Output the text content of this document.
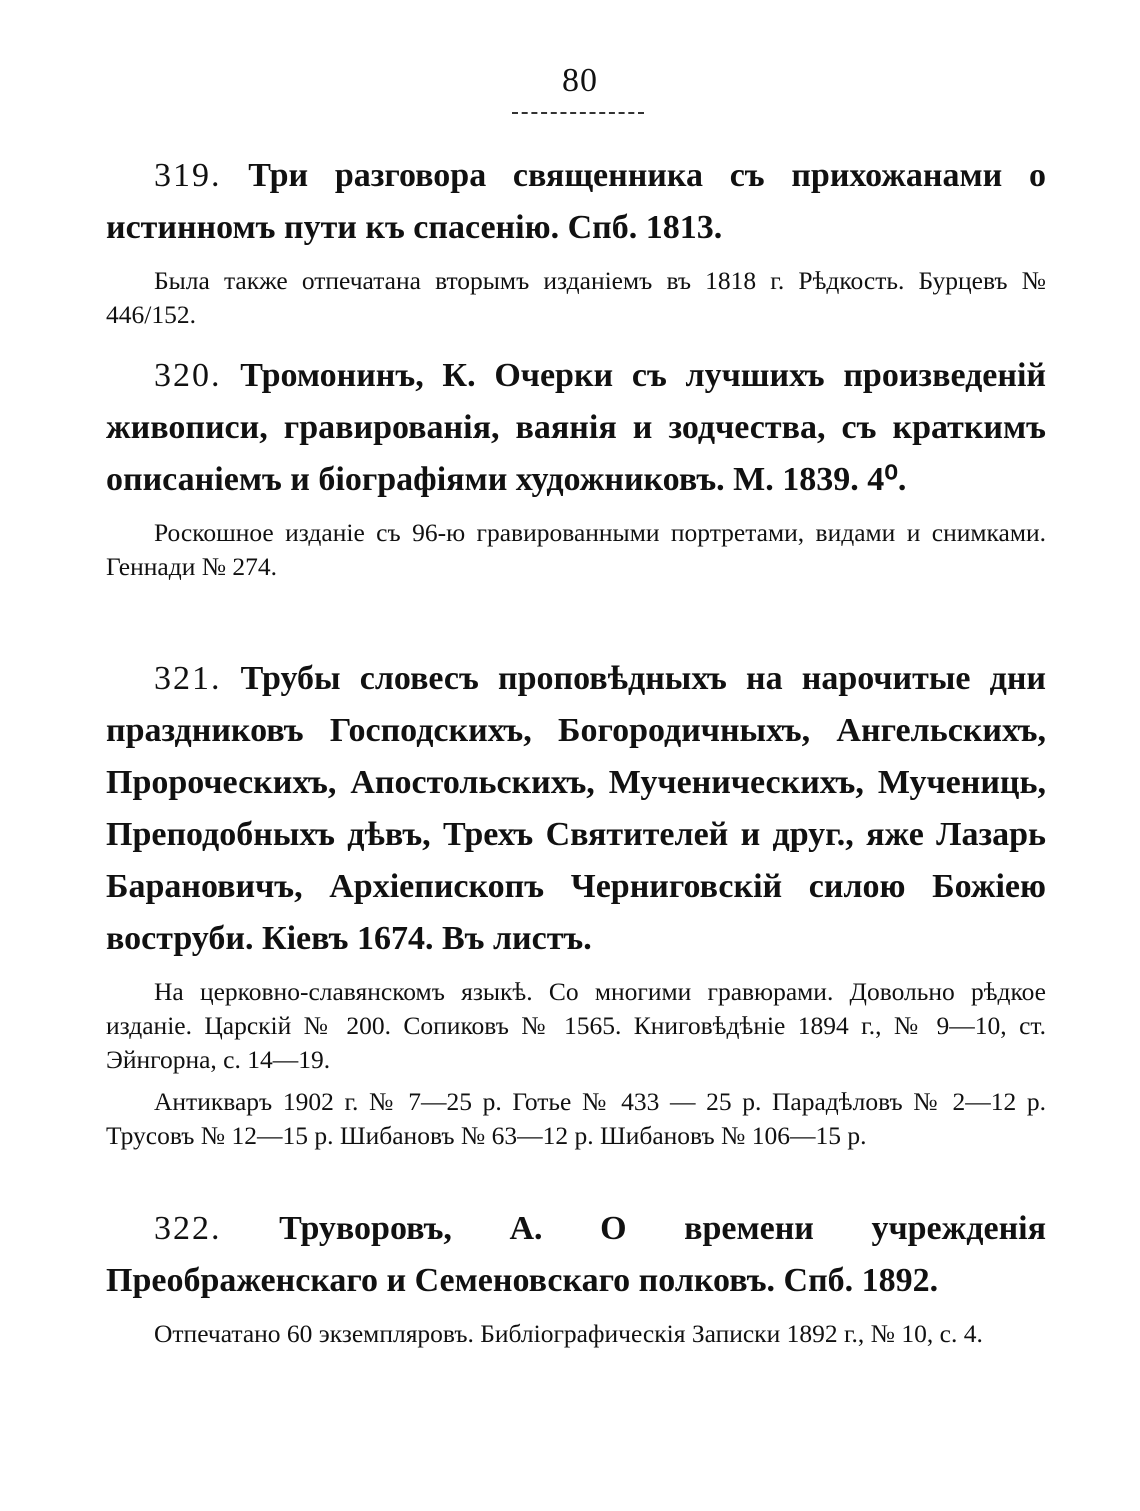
80

319. Три разговора священника съ прихожанами о истинномъ пути къ спасенію. Спб. 1813.

Была также отпечатана вторымъ изданіемъ въ 1818 г. Рѣдкость. Бурцевъ № 446/152.

320. Тромонинъ, К. Очерки съ лучшихъ произведеній живописи, гравированія, ваянія и зодчества, съ краткимъ описаніемъ и біографіями художниковъ. М. 1839. 4⁰.

Роскошное изданіе съ 96-ю гравированными портретами, видами и снимками. Геннади № 274.

321. Трубы словесъ проповѣдныхъ на нарочитые дни праздниковъ Господскихъ, Богородичныхъ, Ангельскихъ, Пророческихъ, Апостольскихъ, Мученическихъ, Мучениць, Преподобныхъ дѣвъ, Трехъ Святителей и друг., яже Лазарь Барановичъ, Архіепископъ Черниговскій силою Божіею воструби. Кіевъ 1674. Въ листъ.

На церковно-славянскомъ языкѣ. Со многими гравюрами. Довольно рѣдкое изданіе. Царскій № 200. Сопиковъ № 1565. Книговѣдѣніе 1894 г., № 9—10, ст. Эйнгорна, с. 14—19.

Антикваръ 1902 г. № 7—25 р. Готье № 433 — 25 р. Парадѣловъ № 2—12 р. Трусовъ № 12—15 р. Шибановъ № 63—12 р. Шибановъ № 106—15 р.

322. Труворовъ, А. О времени учрежденія Преображенскаго и Семеновскаго полковъ. Спб. 1892.

Отпечатано 60 экземпляровъ. Библіографическія Записки 1892 г., № 10, с. 4.
